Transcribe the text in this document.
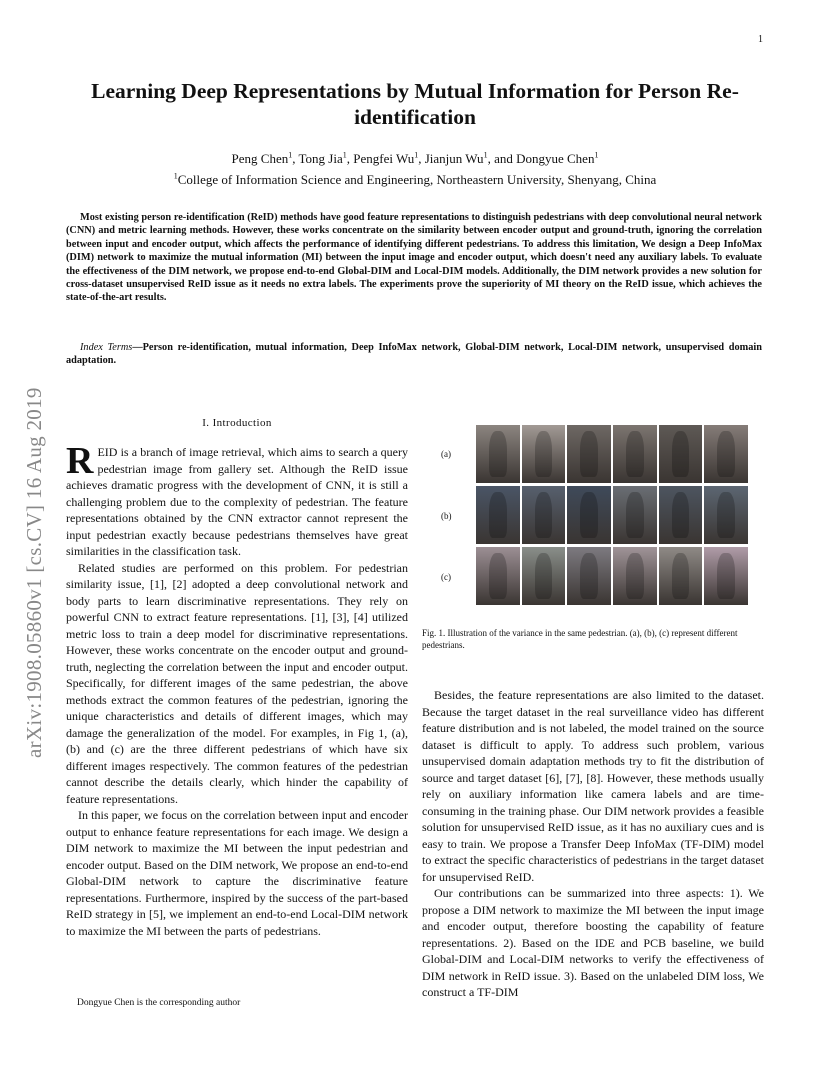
1
Learning Deep Representations by Mutual Information for Person Re-identification
Peng Chen$^1$, Tong Jia$^1$, Pengfei Wu$^1$, Jianjun Wu$^1$, and Dongyue Chen$^1$
$^1$College of Information Science and Engineering, Northeastern University, Shenyang, China
Most existing person re-identification (ReID) methods have good feature representations to distinguish pedestrians with deep convolutional neural network (CNN) and metric learning methods. However, these works concentrate on the similarity between encoder output and ground-truth, ignoring the correlation between input and encoder output, which affects the performance of identifying different pedestrians. To address this limitation, We design a Deep InfoMax (DIM) network to maximize the mutual information (MI) between the input image and encoder output, which doesn't need any auxiliary labels. To evaluate the effectiveness of the DIM network, we propose end-to-end Global-DIM and Local-DIM models. Additionally, the DIM network provides a new solution for cross-dataset unsupervised ReID issue as it needs no extra labels. The experiments prove the superiority of MI theory on the ReID issue, which achieves the state-of-the-art results.
Index Terms—Person re-identification, mutual information, Deep InfoMax network, Global-DIM network, Local-DIM network, unsupervised domain adaptation.
arXiv:1908.05860v1 [cs.CV] 16 Aug 2019	I. Introduction

REID is a branch of image retrieval, which aims to search a query pedestrian image from gallery set. Although the ReID issue achieves dramatic progress with the development of CNN, it is still a challenging problem due to the complexity of pedestrian. The feature representations obtained by the CNN extractor cannot represent the input pedestrian exactly because pedestrians themselves have great similarities in the classification task.

Related studies are performed on this problem. For pedestrian similarity issue, [1], [2] adopted a deep convolutional network and body parts to learn discriminative representations. They rely on powerful CNN to extract feature representations. [1], [3], [4] utilized metric loss to train a deep model for discriminative representations. However, these works concentrate on the encoder output and ground-truth, neglecting the correlation between the input and encoder output. Specifically, for different images of the same pedestrian, the above methods extract the common features of the pedestrian, ignoring the unique characteristics and details of different images, which may damage the generalization of the model. For examples, in Fig 1, (a), (b) and (c) are the three different pedestrians of which have six different images respectively. The common features of the pedestrian cannot describe the details clearly, which hinder the capability of feature representations.

In this paper, we focus on the correlation between input and encoder output to enhance feature representations for each image. We design a DIM network to maximize the MI between the input pedestrian and encoder output. Based on the DIM network, We propose an end-to-end Global-DIM network to capture the discriminative feature representations. Furthermore, inspired by the success of the part-based ReID strategy in [5], we implement an end-to-end Local-DIM network to maximize the MI between the parts of pedestrians.

(a)
(b)
(c)
Fig. 1. Illustration of the variance in the same pedestrian. (a), (b), (c) represent different pedestrians.

Besides, the feature representations are also limited to the dataset. Because the target dataset in the real surveillance video has different feature distribution and is not labeled, the model trained on the source dataset is difficult to apply. To address such problem, various unsupervised domain adaptation methods try to fit the distribution of source and target dataset [6], [7], [8]. However, these methods usually rely on auxiliary information like camera labels and are time-consuming in the training phase. Our DIM network provides a feasible solution for unsupervised ReID issue, as it has no auxiliary cues and is easy to train. We propose a Transfer Deep InfoMax (TF-DIM) model to extract the specific characteristics of pedestrians in the target dataset for unsupervised ReID.

Our contributions can be summarized into three aspects: 1). We propose a DIM network to maximize the MI between the input image and encoder output, therefore boosting the capability of feature representations. 2). Based on the IDE and PCB baseline, we build Global-DIM and Local-DIM networks to verify the effectiveness of DIM network in ReID issue. 3). Based on the unlabeled DIM loss, We construct a TF-DIM

Dongyue Chen is the corresponding author
